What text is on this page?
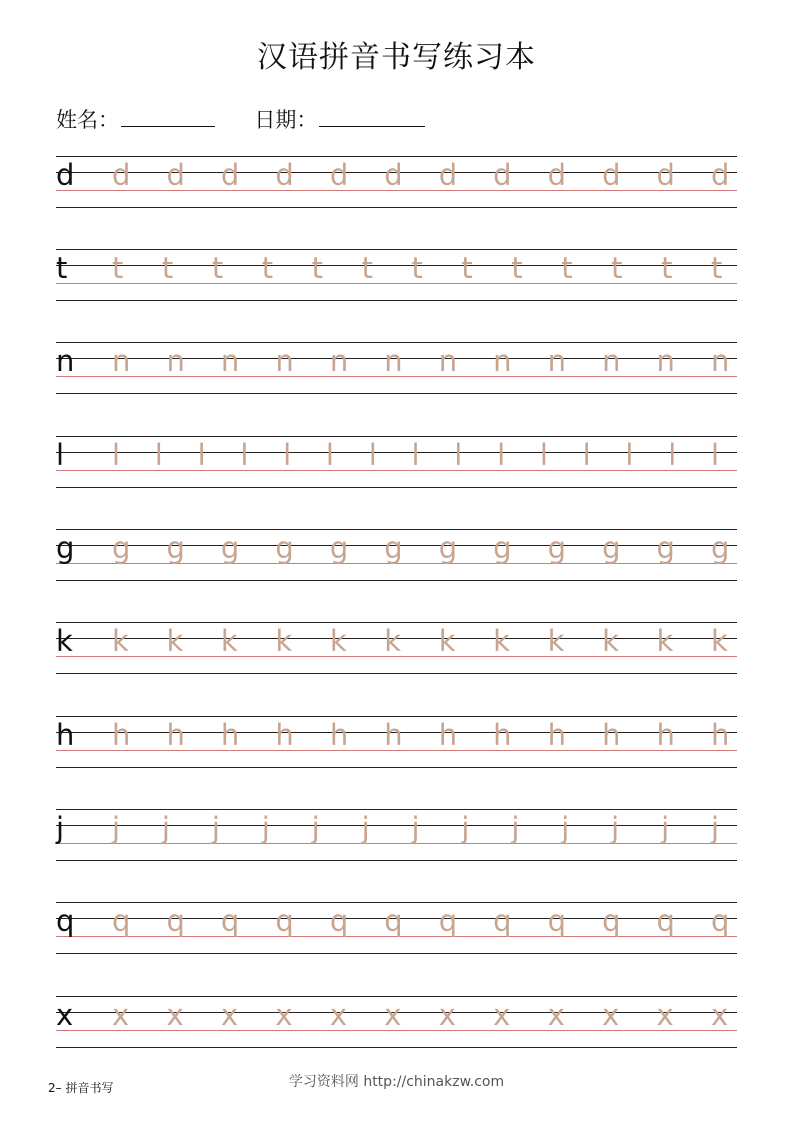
汉语拼音书写练习本
姓名：	日期：
d d d d d d d d d d d d d
t t t t t t t t t t t t t t
n n n n n n n n n n n n n
l l l l l l l l l l l l l l l l
g g g g g g g g g g g g g
k k k k k k k k k k k k k
h h h h h h h h h h h h h
j j j j j j j j j j j j j j
q q q q q q q q q q q q q
x x x x x x x x x x x x x
2– 拼音书写	学习资料网 http://chinakzw.com
